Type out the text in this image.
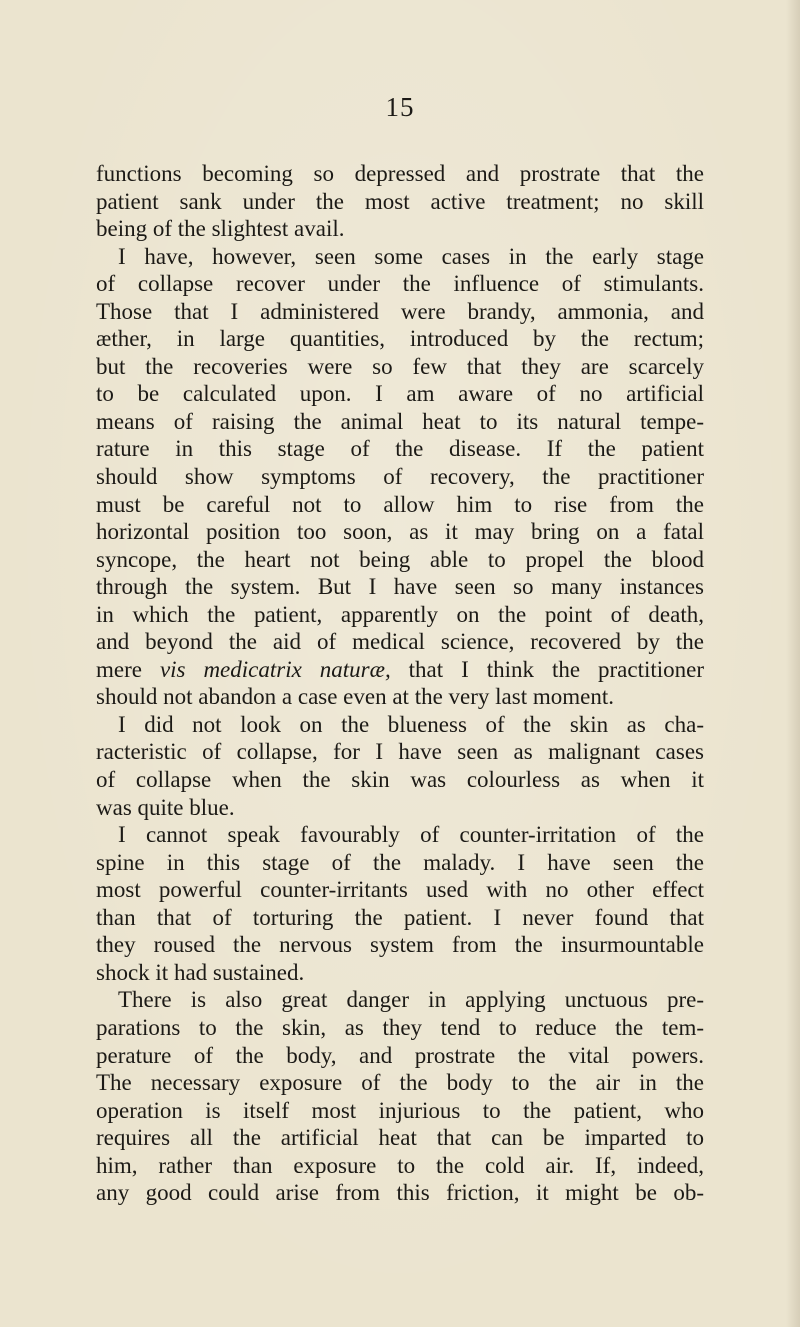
15
functions becoming so depressed and prostrate that the
patient sank under the most active treatment; no skill
being of the slightest avail.
I have, however, seen some cases in the early stage
of collapse recover under the influence of stimulants.
Those that I administered were brandy, ammonia, and
æther, in large quantities, introduced by the rectum;
but the recoveries were so few that they are scarcely
to be calculated upon. I am aware of no artificial
means of raising the animal heat to its natural tempe-
rature in this stage of the disease. If the patient
should show symptoms of recovery, the practitioner
must be careful not to allow him to rise from the
horizontal position too soon, as it may bring on a fatal
syncope, the heart not being able to propel the blood
through the system. But I have seen so many instances
in which the patient, apparently on the point of death,
and beyond the aid of medical science, recovered by the
mere vis medicatrix naturæ, that I think the practitioner
should not abandon a case even at the very last moment.
I did not look on the blueness of the skin as cha-
racteristic of collapse, for I have seen as malignant cases
of collapse when the skin was colourless as when it
was quite blue.
I cannot speak favourably of counter-irritation of the
spine in this stage of the malady. I have seen the
most powerful counter-irritants used with no other effect
than that of torturing the patient. I never found that
they roused the nervous system from the insurmountable
shock it had sustained.
There is also great danger in applying unctuous pre-
parations to the skin, as they tend to reduce the tem-
perature of the body, and prostrate the vital powers.
The necessary exposure of the body to the air in the
operation is itself most injurious to the patient, who
requires all the artificial heat that can be imparted to
him, rather than exposure to the cold air. If, indeed,
any good could arise from this friction, it might be ob-
